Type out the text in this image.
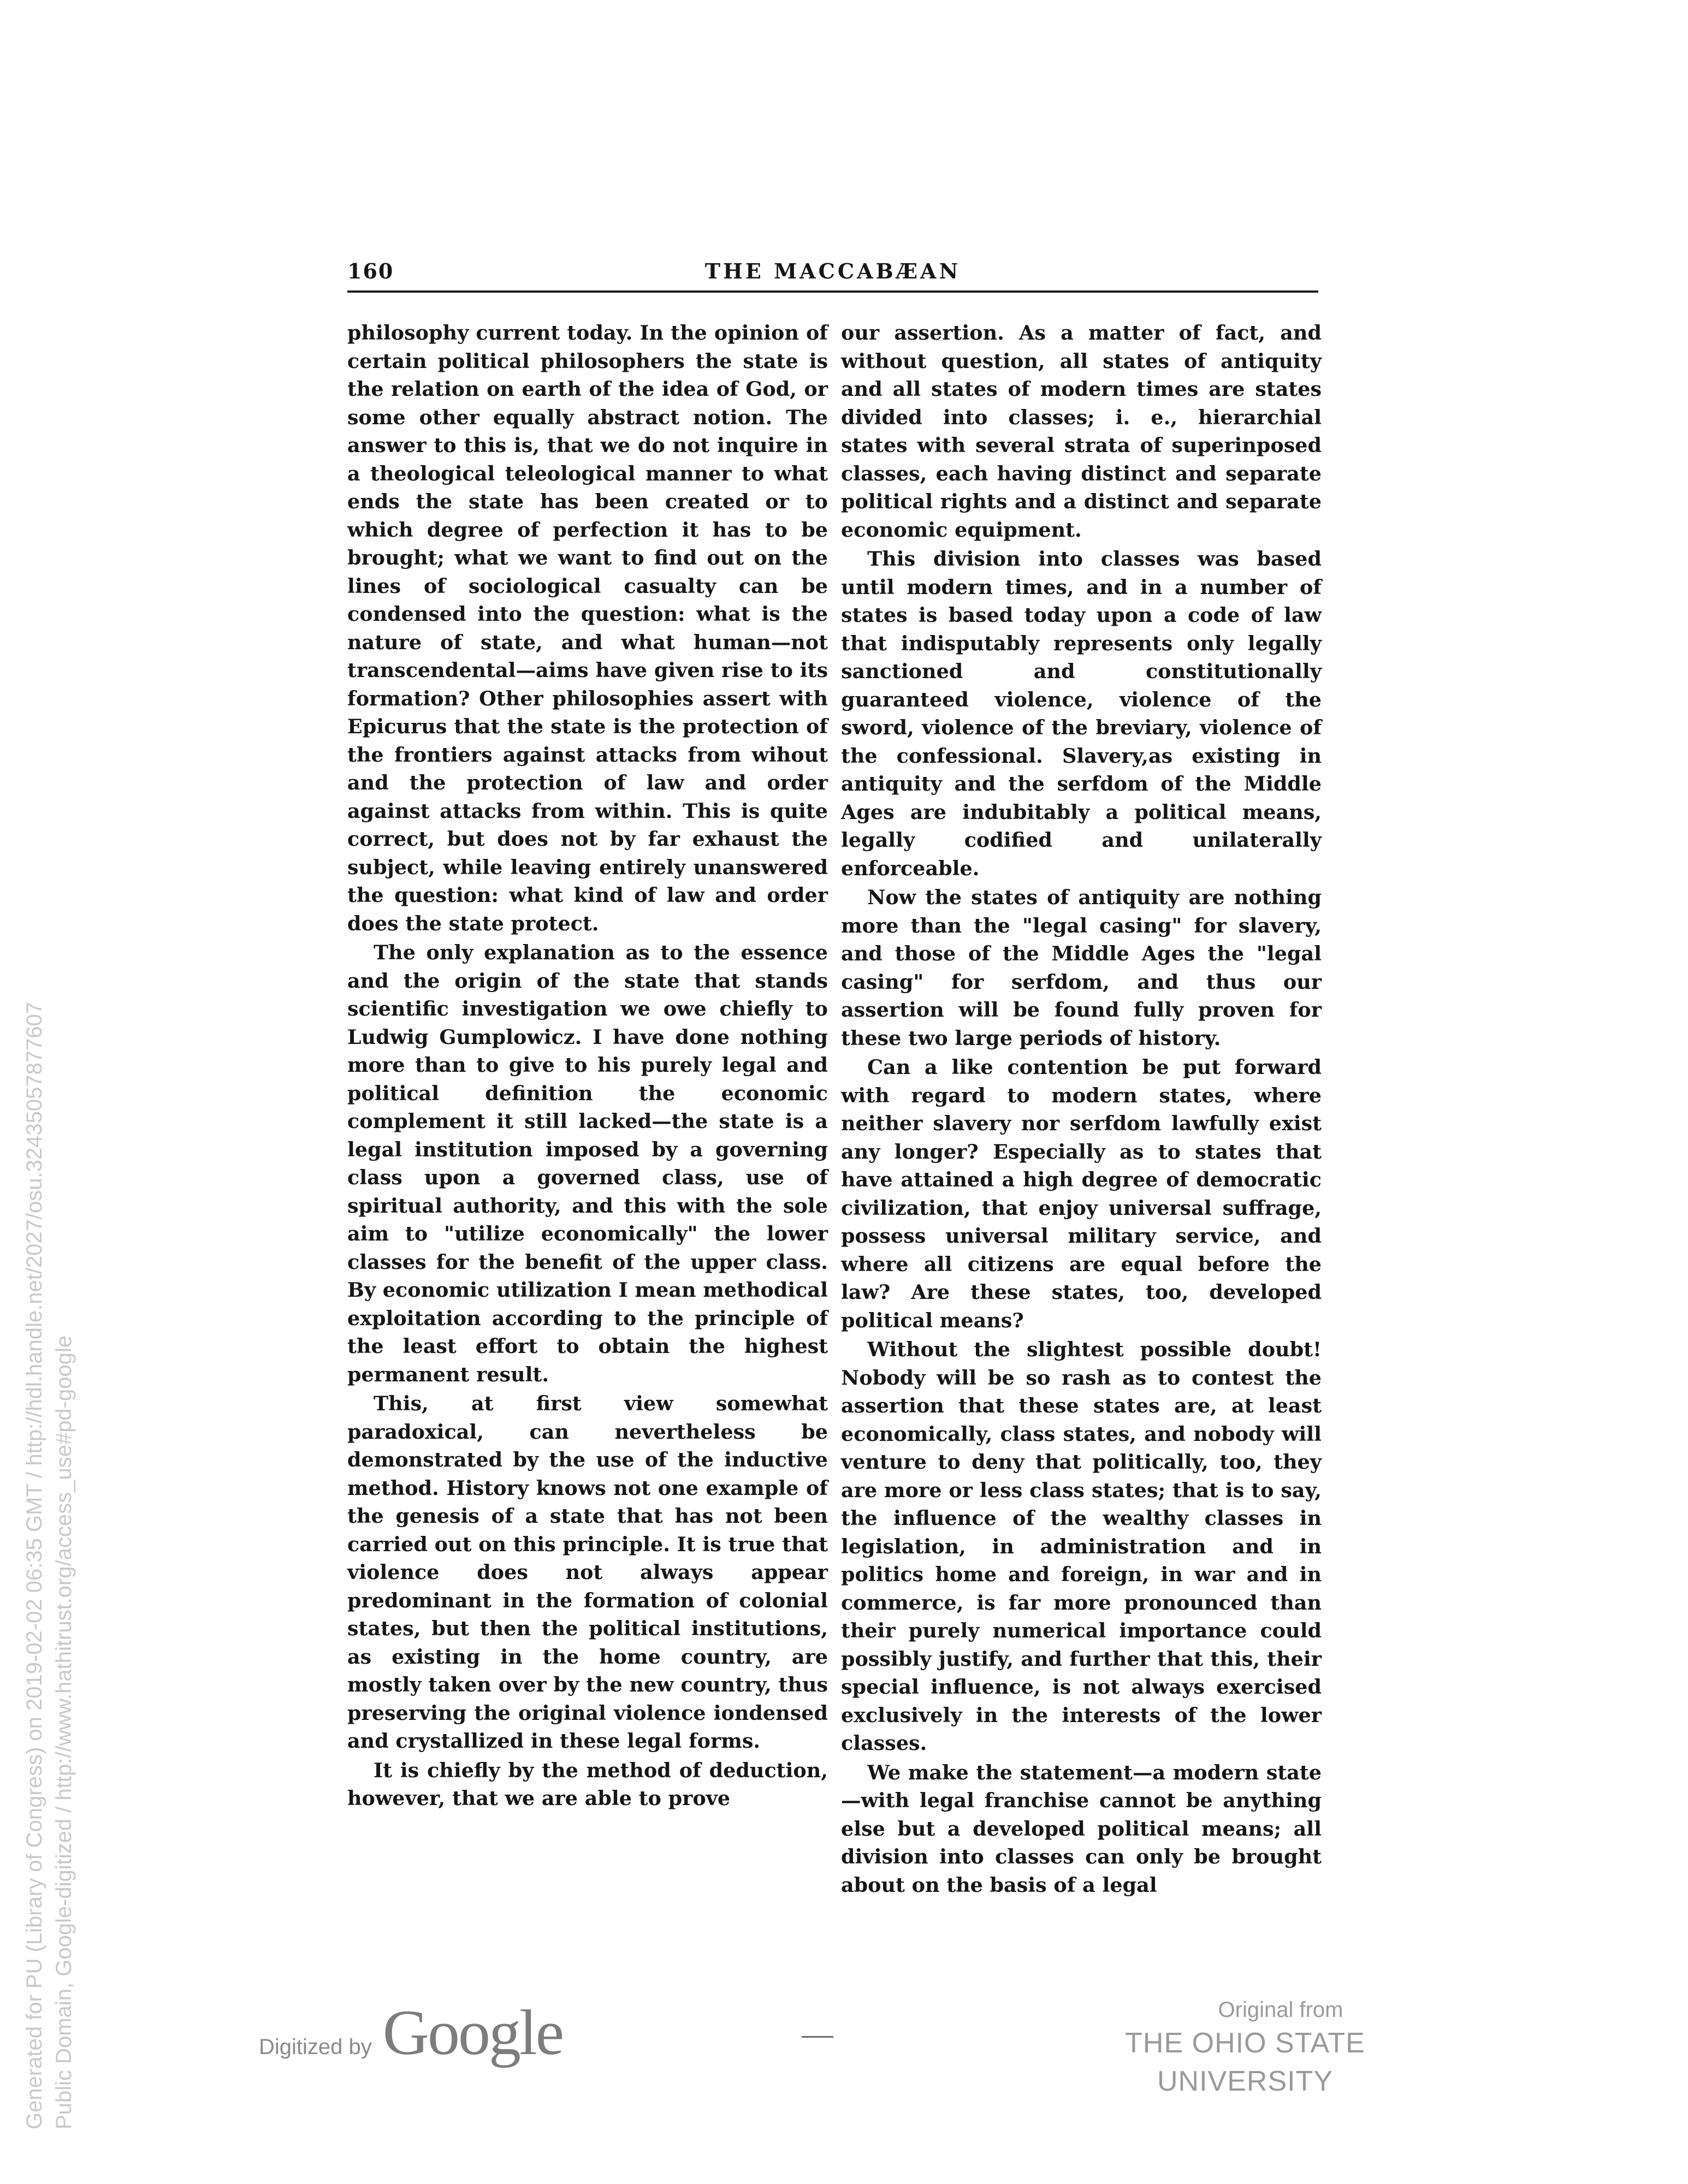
160	THE MACCABÆAN

philosophy current today. In the opinion of certain political philosophers the state is the relation on earth of the idea of God, or some other equally abstract notion. The answer to this is, that we do not inquire in a theological teleological manner to what ends the state has been created or to which degree of perfection it has to be brought; what we want to find out on the lines of sociological casualty can be condensed into the question: what is the nature of state, and what human—not transcendental—aims have given rise to its formation? Other philosophies assert with Epicurus that the state is the protection of the frontiers against attacks from wihout and the protection of law and order against attacks from within. This is quite correct, but does not by far exhaust the subject, while leaving entirely unanswered the question: what kind of law and order does the state protect.

The only explanation as to the essence and the origin of the state that stands scientific investigation we owe chiefly to Ludwig Gumplowicz. I have done nothing more than to give to his purely legal and political definition the economic complement it still lacked—the state is a legal institution imposed by a governing class upon a governed class, use of spiritual authority, and this with the sole aim to "utilize economically" the lower classes for the benefit of the upper class. By economic utilization I mean methodical exploitation according to the principle of the least effort to obtain the highest permanent result.

This, at first view somewhat paradoxical, can nevertheless be demonstrated by the use of the inductive method. History knows not one example of the genesis of a state that has not been carried out on this principle. It is true that violence does not always appear predominant in the formation of colonial states, but then the political institutions, as existing in the home country, are mostly taken over by the new country, thus preserving the original violence iondensed and crystallized in these legal forms.

It is chiefly by the method of deduction, however, that we are able to prove

our assertion. As a matter of fact, and without question, all states of antiquity and all states of modern times are states divided into classes; i. e., hierarchial states with several strata of superinposed classes, each having distinct and separate political rights and a distinct and separate economic equipment.

This division into classes was based until modern times, and in a number of states is based today upon a code of law that indisputably represents only legally sanctioned and constitutionally guaranteed violence, violence of the sword, violence of the breviary, violence of the confessional. Slavery,as existing in antiquity and the serfdom of the Middle Ages are indubitably a political means, legally codified and unilaterally enforceable.

Now the states of antiquity are nothing more than the "legal casing" for slavery, and those of the Middle Ages the "legal casing" for serfdom, and thus our assertion will be found fully proven for these two large periods of history.

Can a like contention be put forward with regard to modern states, where neither slavery nor serfdom lawfully exist any longer? Especially as to states that have attained a high degree of democratic civilization, that enjoy universal suffrage, possess universal military service, and where all citizens are equal before the law? Are these states, too, developed political means?

Without the slightest possible doubt! Nobody will be so rash as to contest the assertion that these states are, at least economically, class states, and nobody will venture to deny that politically, too, they are more or less class states; that is to say, the influence of the wealthy classes in legislation, in administration and in politics home and foreign, in war and in commerce, is far more pronounced than their purely numerical importance could possibly justify, and further that this, their special influence, is not always exercised exclusively in the interests of the lower classes.

We make the statement—a modern state—with legal franchise cannot be anything else but a developed political means; all division into classes can only be brought about on the basis of a legal

Digitized by Google	Original from
THE OHIO STATE UNIVERSITY
Generated for PU (Library of Congress) on 2019-02-02 06:35 GMT / http://hdl.handle.net/2027/osu.32435057877607 Public Domain, Google-digitized / http://www.hathitrust.org/access_use#pd-google
